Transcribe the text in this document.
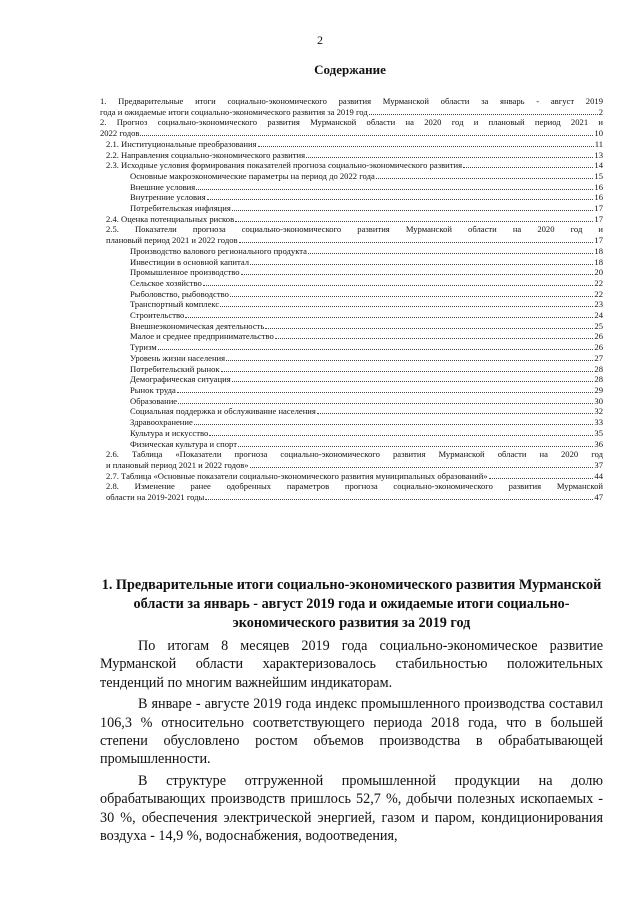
2
Содержание
1. Предварительные итоги социально-экономического развития Мурманской области за январь - август 2019
года и ожидаемые итоги социально-экономического развития за 2019 год	2
2. Прогноз социально-экономического развития Мурманской области на 2020 год и плановый период 2021 и
2022 годов	10
2.1. Институциональные преобразования	11
2.2. Направления социально-экономического развития	13
2.3. Исходные условия формирования показателей прогноза социально-экономического развития	14
Основные макроэкономические параметры на период до 2022 года	15
Внешние условия	16
Внутренние условия	16
Потребительская инфляция	17
2.4. Оценка потенциальных рисков	17
2.5. Показатели прогноза социально-экономического развития Мурманской области на 2020 год и
плановый период 2021 и 2022 годов	17
Производство валового регионального продукта	18
Инвестиции в основной капитал	18
Промышленное производство	20
Сельское хозяйство	22
Рыболовство, рыбоводство	22
Транспортный комплекс	23
Строительство	24
Внешнеэкономическая деятельность	25
Малое и среднее предпринимательство	26
Туризм	26
Уровень жизни населения	27
Потребительский рынок	28
Демографическая ситуация	28
Рынок труда	29
Образование	30
Социальная поддержка и обслуживание населения	32
Здравоохранение	33
Культура и искусство	35
Физическая культура и спорт	36
2.6. Таблица «Показатели прогноза социально-экономического развития Мурманской области на 2020 год
и плановый период 2021 и 2022 годов»	37
2.7. Таблица «Основные показатели социально-экономического развития муниципальных образований»	44
2.8. Изменение ранее одобренных параметров прогноза социально-экономического развития Мурманской
области на 2019-2021 годы	47
1. Предварительные итоги социально-экономического развития Мурманской области за январь - август 2019 года и ожидаемые итоги социально-экономического развития за 2019 год

По итогам 8 месяцев 2019 года социально-экономическое развитие Мурманской области характеризовалось стабильностью положительных тенденций по многим важнейшим индикаторам.

В январе - августе 2019 года индекс промышленного производства составил 106,3 % относительно соответствующего периода 2018 года, что в большей степени обусловлено ростом объемов производства в обрабатывающей промышленности.

В структуре отгруженной промышленной продукции на долю обрабатывающих производств пришлось 52,7 %, добычи полезных ископаемых - 30 %, обеспечения электрической энергией, газом и паром, кондиционирования воздуха - 14,9 %, водоснабжения, водоотведения,
